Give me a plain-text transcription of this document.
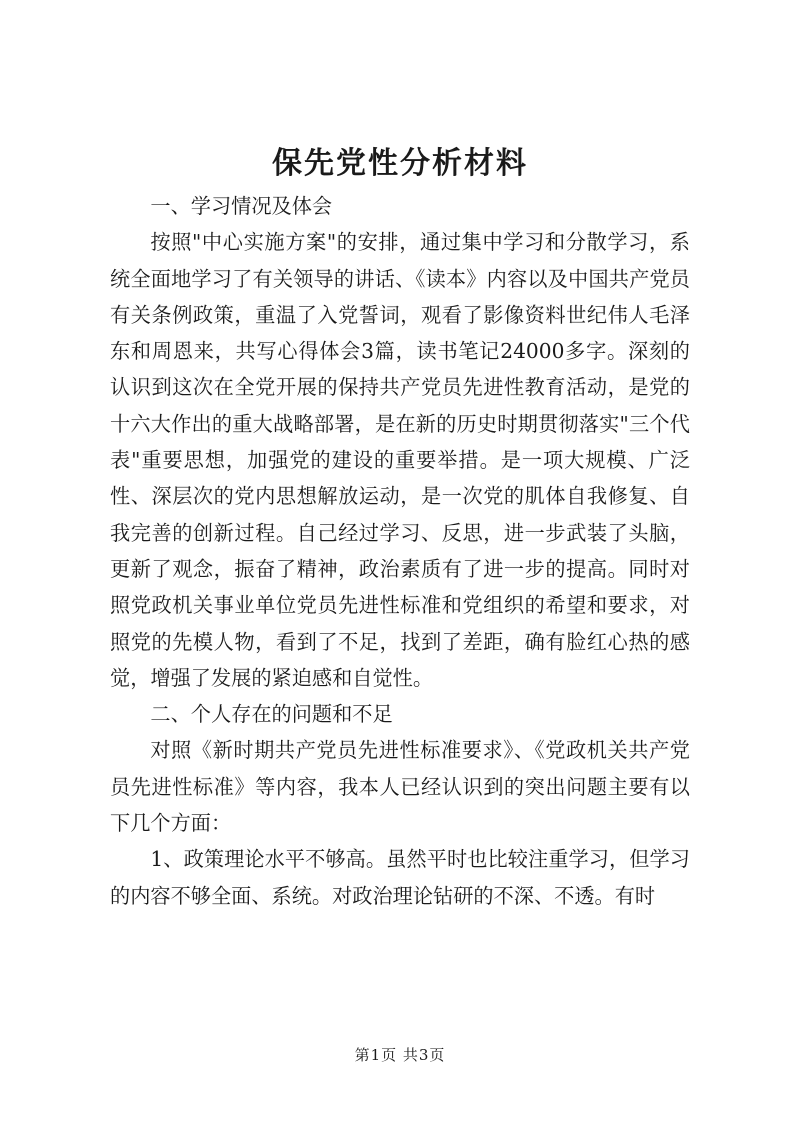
保先党性分析材料

一、学习情况及体会

按照"中心实施方案"的安排，通过集中学习和分散学习，系统全面地学习了有关领导的讲话、《读本》内容以及中国共产党员有关条例政策，重温了入党誓词，观看了影像资料世纪伟人毛泽东和周恩来，共写心得体会3篇，读书笔记24000多字。深刻的认识到这次在全党开展的保持共产党员先进性教育活动，是党的十六大作出的重大战略部署，是在新的历史时期贯彻落实"三个代表"重要思想，加强党的建设的重要举措。是一项大规模、广泛性、深层次的党内思想解放运动，是一次党的肌体自我修复、自我完善的创新过程。自己经过学习、反思，进一步武装了头脑，更新了观念，振奋了精神，政治素质有了进一步的提高。同时对照党政机关事业单位党员先进性标准和党组织的希望和要求，对照党的先模人物，看到了不足，找到了差距，确有脸红心热的感觉，增强了发展的紧迫感和自觉性。

二、个人存在的问题和不足

对照《新时期共产党员先进性标准要求》、《党政机关共产党员先进性标准》等内容，我本人已经认识到的突出问题主要有以下几个方面：

1、政策理论水平不够高。虽然平时也比较注重学习，但学习的内容不够全面、系统。对政治理论钻研的不深、不透。有时

第1页 共3页
